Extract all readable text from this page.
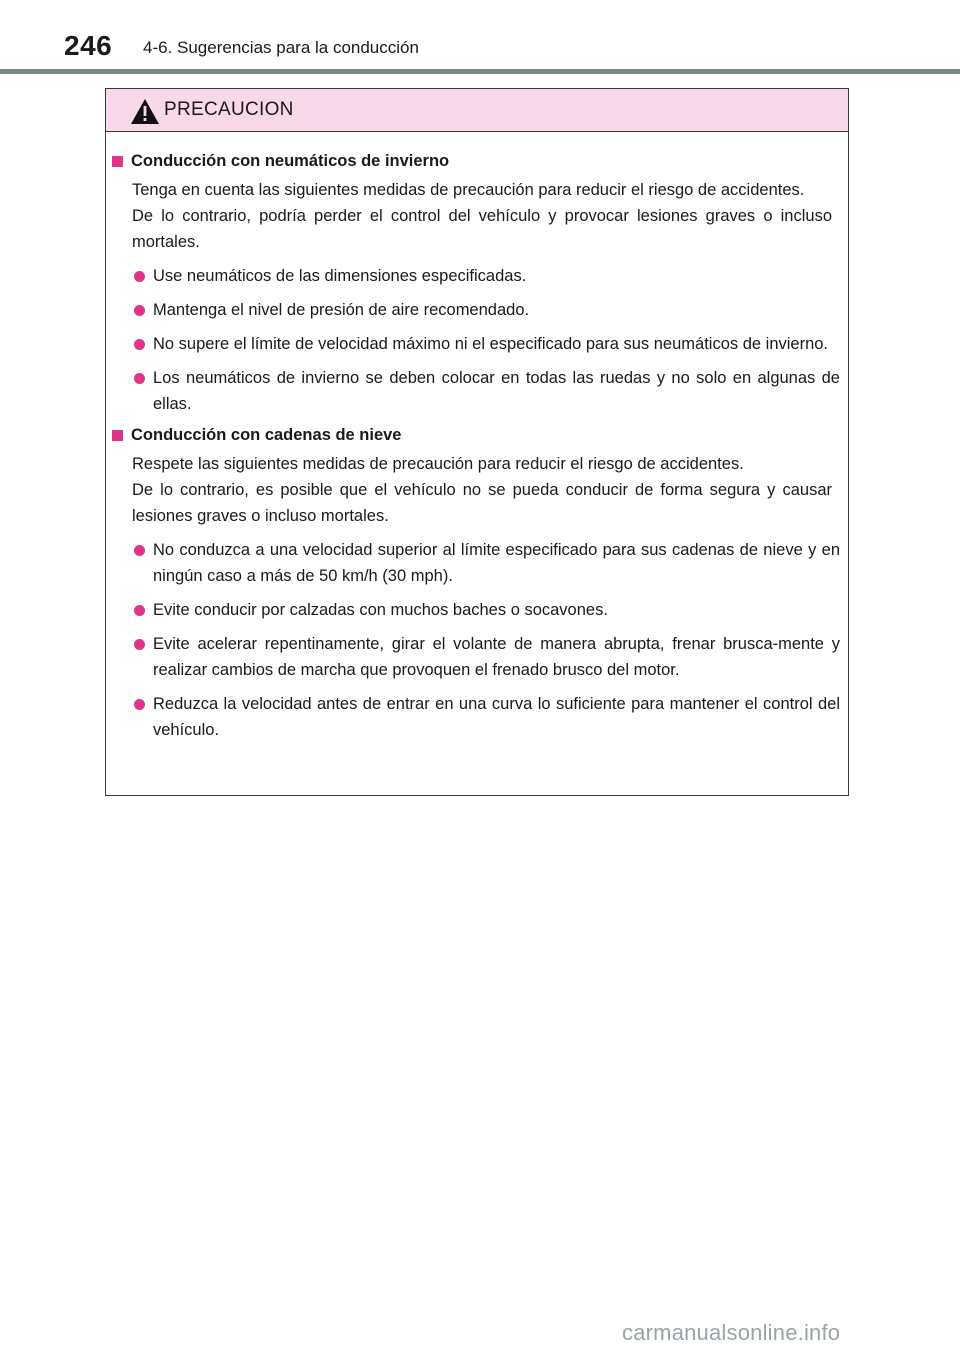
246 4-6. Sugerencias para la conducción
PRECAUCION
Conducción con neumáticos de invierno
Tenga en cuenta las siguientes medidas de precaución para reducir el riesgo de accidentes.
De lo contrario, podría perder el control del vehículo y provocar lesiones graves o incluso mortales.
Use neumáticos de las dimensiones especificadas.
Mantenga el nivel de presión de aire recomendado.
No supere el límite de velocidad máximo ni el especificado para sus neumáticos de invierno.
Los neumáticos de invierno se deben colocar en todas las ruedas y no solo en algunas de ellas.
Conducción con cadenas de nieve
Respete las siguientes medidas de precaución para reducir el riesgo de accidentes.
De lo contrario, es posible que el vehículo no se pueda conducir de forma segura y causar lesiones graves o incluso mortales.
No conduzca a una velocidad superior al límite especificado para sus cadenas de nieve y en ningún caso a más de 50 km/h (30 mph).
Evite conducir por calzadas con muchos baches o socavones.
Evite acelerar repentinamente, girar el volante de manera abrupta, frenar brusca-mente y realizar cambios de marcha que provoquen el frenado brusco del motor.
Reduzca la velocidad antes de entrar en una curva lo suficiente para mantener el control del vehículo.
carmanualsonline.info
